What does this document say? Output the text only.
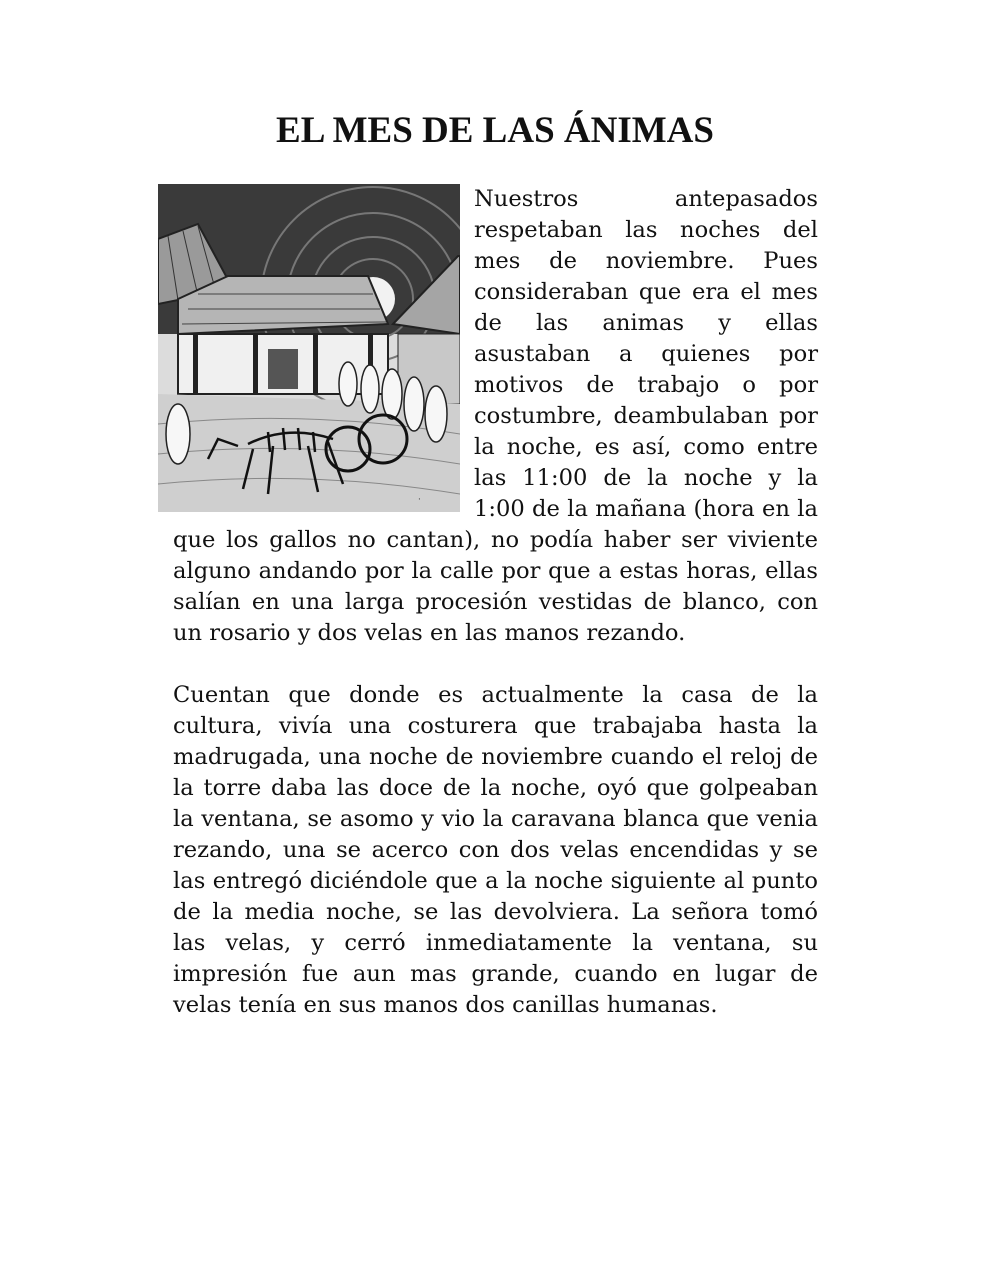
EL MES DE LAS ÁNIMAS
·

Nuestros antepasados respetaban las noches del mes de noviembre. Pues consideraban que era el mes de las animas y ellas asustaban a quienes por motivos de trabajo o por costumbre, deambulaban por la noche, es así, como entre las 11:00 de la noche y la 1:00 de la mañana (hora en la que los gallos no cantan), no podía haber ser viviente alguno andando por la calle por que a estas horas, ellas salían en una larga procesión vestidas de blanco, con un rosario y dos velas en las manos rezando.

Cuentan que donde es actualmente la casa de la cultura, vivía una costurera que trabajaba hasta la madrugada, una noche de noviembre cuando el reloj de la torre daba las doce de la noche, oyó que golpeaban la ventana, se asomo y vio la caravana blanca que venia rezando, una se acerco con dos velas encendidas y se las entregó diciéndole que a la noche siguiente al punto de la media noche, se las devolviera. La señora tomó las velas, y cerró inmediatamente la ventana, su impresión fue aun mas grande, cuando en lugar de velas tenía en sus manos dos canillas humanas.
